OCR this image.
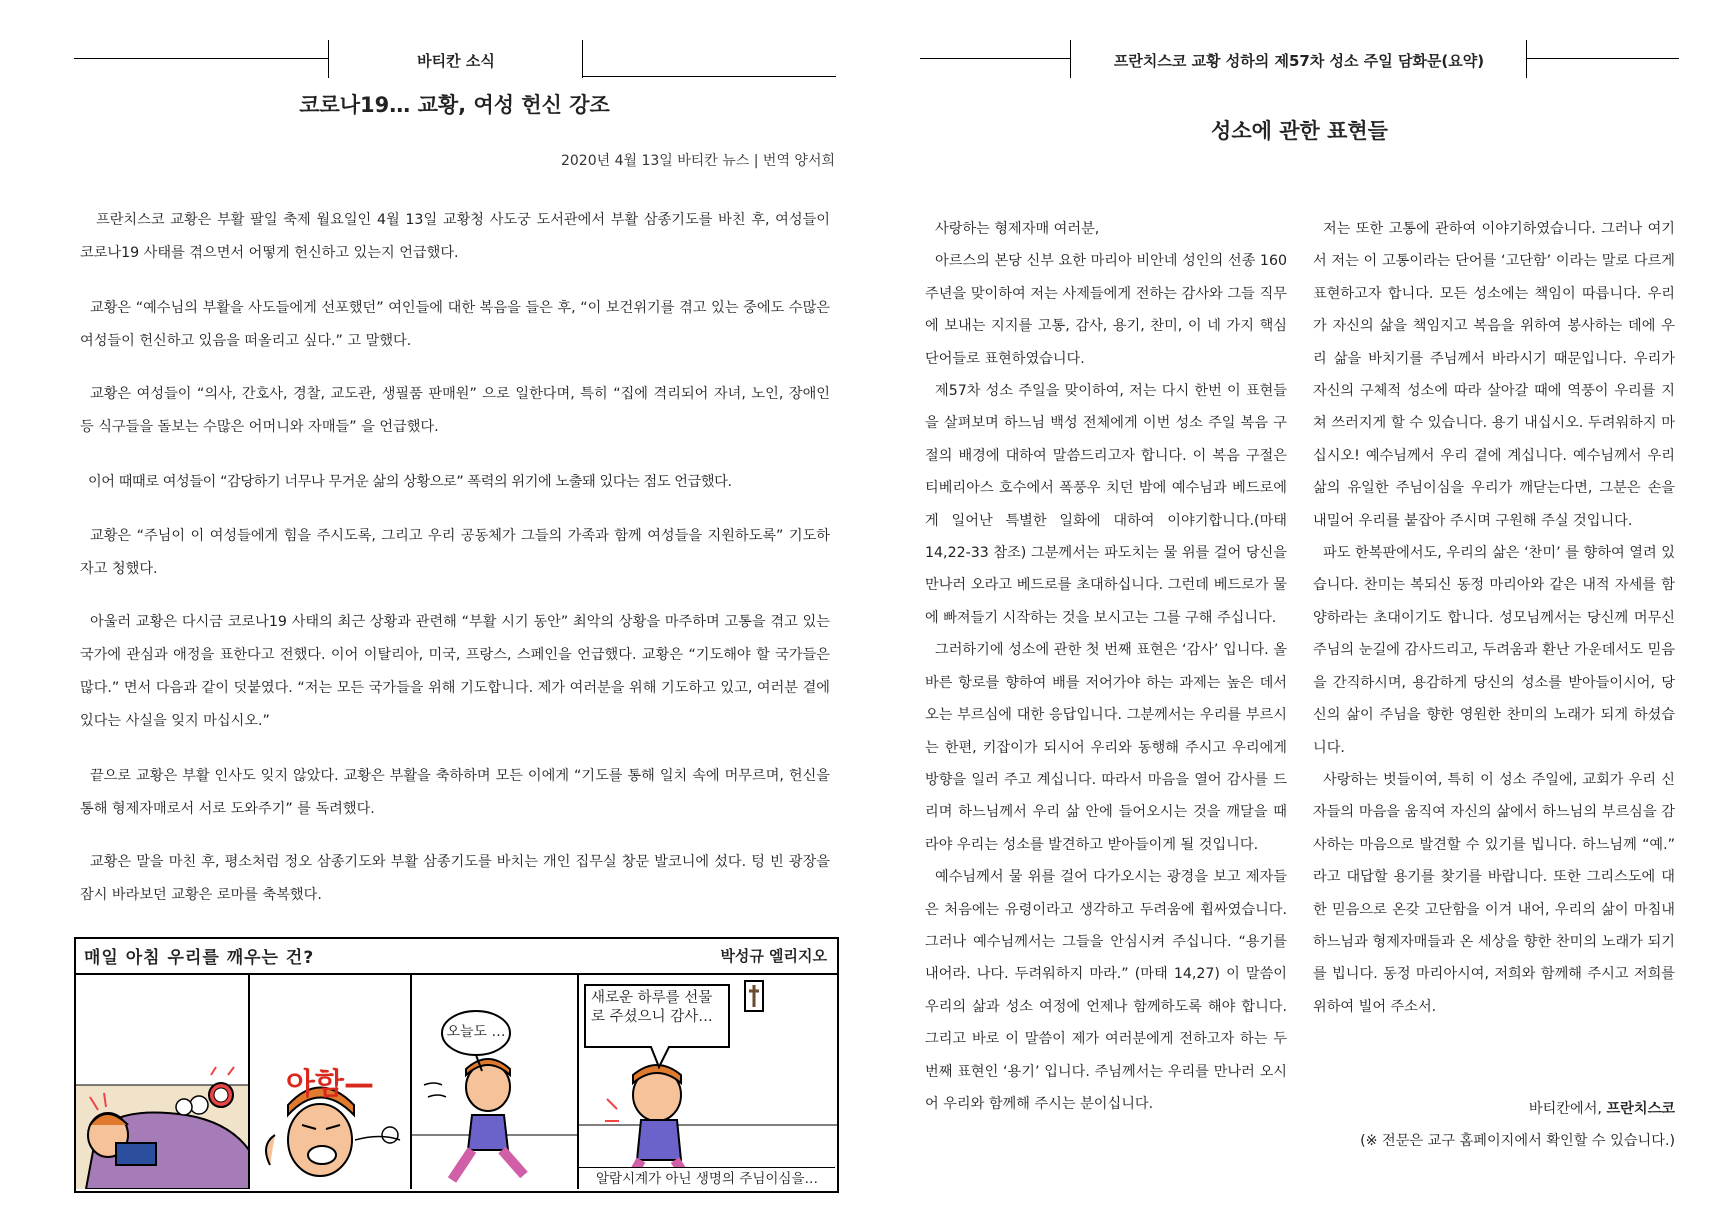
바티칸 소식
코로나19… 교황, 여성 헌신 강조
2020년 4월 13일 바티칸 뉴스 | 번역 양서희
프란치스코 교황은 부활 팔일 축제 월요일인 4월 13일 교황청 사도궁 도서관에서 부활 삼종기도를 바친 후, 여성들이 코로나19 사태를 겪으면서 어떻게 헌신하고 있는지 언급했다.
교황은 “예수님의 부활을 사도들에게 선포했던” 여인들에 대한 복음을 들은 후, “이 보건위기를 겪고 있는 중에도 수많은 여성들이 헌신하고 있음을 떠올리고 싶다.” 고 말했다.
교황은 여성들이 “의사, 간호사, 경찰, 교도관, 생필품 판매원” 으로 일한다며, 특히 “집에 격리되어 자녀, 노인, 장애인 등 식구들을 돌보는 수많은 어머니와 자매들” 을 언급했다.
이어 때때로 여성들이 “감당하기 너무나 무거운 삶의 상황으로” 폭력의 위기에 노출돼 있다는 점도 언급했다.
교황은 “주님이 이 여성들에게 힘을 주시도록, 그리고 우리 공동체가 그들의 가족과 함께 여성들을 지원하도록” 기도하자고 청했다.
아울러 교황은 다시금 코로나19 사태의 최근 상황과 관련해 “부활 시기 동안” 최악의 상황을 마주하며 고통을 겪고 있는 국가에 관심과 애정을 표한다고 전했다. 이어 이탈리아, 미국, 프랑스, 스페인을 언급했다. 교황은 “기도해야 할 국가들은 많다.” 면서 다음과 같이 덧붙였다. “저는 모든 국가들을 위해 기도합니다. 제가 여러분을 위해 기도하고 있고, 여러분 곁에 있다는 사실을 잊지 마십시오.”
끝으로 교황은 부활 인사도 잊지 않았다. 교황은 부활을 축하하며 모든 이에게 “기도를 통해 일치 속에 머무르며, 헌신을 통해 형제자매로서 서로 도와주기” 를 독려했다.
교황은 말을 마친 후, 평소처럼 정오 삼종기도와 부활 삼종기도를 바치는 개인 집무실 창문 발코니에 섰다. 텅 빈 광장을 잠시 바라보던 교황은 로마를 축복했다.
매일 아침 우리를 깨우는 건?	박성규 엘리지오
아함—
오늘도 …
새로운 하루를 선물로 주셨으니 감사…
알람시계가 아닌 생명의 주님이심을…
프란치스코 교황 성하의 제57차 성소 주일 담화문(요약)
성소에 관한 표현들

사랑하는 형제자매 여러분,

아르스의 본당 신부 요한 마리아 비안네 성인의 선종 160주년을 맞이하여 저는 사제들에게 전하는 감사와 그들 직무에 보내는 지지를 고통, 감사, 용기, 찬미, 이 네 가지 핵심 단어들로 표현하였습니다.

제57차 성소 주일을 맞이하여, 저는 다시 한번 이 표현들을 살펴보며 하느님 백성 전체에게 이번 성소 주일 복음 구절의 배경에 대하여 말씀드리고자 합니다. 이 복음 구절은 티베리아스 호수에서 폭풍우 치던 밤에 예수님과 베드로에게 일어난 특별한 일화에 대하여 이야기합니다.(마태 14,22-33 참조) 그분께서는 파도치는 물 위를 걸어 당신을 만나러 오라고 베드로를 초대하십니다. 그런데 베드로가 물에 빠져들기 시작하는 것을 보시고는 그를 구해 주십니다.

그러하기에 성소에 관한 첫 번째 표현은 ‘감사’ 입니다. 올바른 항로를 향하여 배를 저어가야 하는 과제는 높은 데서 오는 부르심에 대한 응답입니다. 그분께서는 우리를 부르시는 한편, 키잡이가 되시어 우리와 동행해 주시고 우리에게 방향을 일러 주고 계십니다. 따라서 마음을 열어 감사를 드리며 하느님께서 우리 삶 안에 들어오시는 것을 깨달을 때라야 우리는 성소를 발견하고 받아들이게 될 것입니다.

예수님께서 물 위를 걸어 다가오시는 광경을 보고 제자들은 처음에는 유령이라고 생각하고 두려움에 휩싸였습니다. 그러나 예수님께서는 그들을 안심시켜 주십니다. “용기를 내어라. 나다. 두려워하지 마라.” (마태 14,27) 이 말씀이 우리의 삶과 성소 여정에 언제나 함께하도록 해야 합니다. 그리고 바로 이 말씀이 제가 여러분에게 전하고자 하는 두 번째 표현인 ‘용기’ 입니다. 주님께서는 우리를 만나러 오시어 우리와 함께해 주시는 분이십니다.

저는 또한 고통에 관하여 이야기하였습니다. 그러나 여기서 저는 이 고통이라는 단어를 ‘고단함’ 이라는 말로 다르게 표현하고자 합니다. 모든 성소에는 책임이 따릅니다. 우리가 자신의 삶을 책임지고 복음을 위하여 봉사하는 데에 우리 삶을 바치기를 주님께서 바라시기 때문입니다. 우리가 자신의 구체적 성소에 따라 살아갈 때에 역풍이 우리를 지쳐 쓰러지게 할 수 있습니다. 용기 내십시오. 두려워하지 마십시오! 예수님께서 우리 곁에 계십니다. 예수님께서 우리 삶의 유일한 주님이심을 우리가 깨닫는다면, 그분은 손을 내밀어 우리를 붙잡아 주시며 구원해 주실 것입니다.

파도 한복판에서도, 우리의 삶은 ‘찬미’ 를 향하여 열려 있습니다. 찬미는 복되신 동정 마리아와 같은 내적 자세를 함양하라는 초대이기도 합니다. 성모님께서는 당신께 머무신 주님의 눈길에 감사드리고, 두려움과 환난 가운데서도 믿음을 간직하시며, 용감하게 당신의 성소를 받아들이시어, 당신의 삶이 주님을 향한 영원한 찬미의 노래가 되게 하셨습니다.

사랑하는 벗들이여, 특히 이 성소 주일에, 교회가 우리 신자들의 마음을 움직여 자신의 삶에서 하느님의 부르심을 감사하는 마음으로 발견할 수 있기를 빕니다. 하느님께 “예.” 라고 대답할 용기를 찾기를 바랍니다. 또한 그리스도에 대한 믿음으로 온갖 고단함을 이겨 내어, 우리의 삶이 마침내 하느님과 형제자매들과 온 세상을 향한 찬미의 노래가 되기를 빕니다. 동정 마리아시여, 저희와 함께해 주시고 저희를 위하여 빌어 주소서.

바티칸에서, 프란치스코
(※ 전문은 교구 홈페이지에서 확인할 수 있습니다.)
